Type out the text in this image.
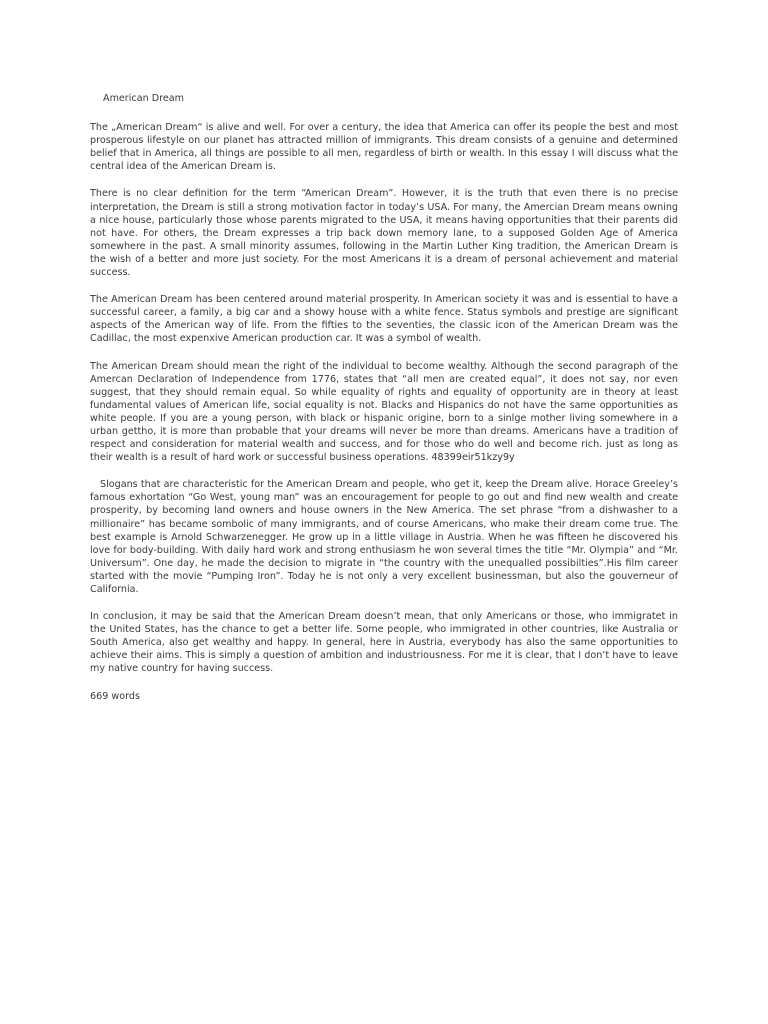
American Dream

The „American Dream“ is alive and well. For over a century, the idea that America can offer its people the best and most prosperous lifestyle on our planet has attracted million of immigrants. This dream consists of a genuine and determined belief that in America, all things are possible to all men, regardless of birth or wealth. In this essay I will discuss what the central idea of the American Dream is.

There is no clear definition for the term “American Dream”. However, it is the truth that even there is no precise interpretation, the Dream is still a strong motivation factor in today’s USA. For many, the Amercian Dream means owning a nice house, particularly those whose parents migrated to the USA, it means having opportunities that their parents did not have. For others, the Dream expresses a trip back down memory lane, to a supposed Golden Age of America somewhere in the past. A small minority assumes, following in the Martin Luther King tradition, the American Dream is the wish of a better and more just society. For the most Americans it is a dream of personal achievement and material success.

The American Dream has been centered around material prosperity. In American society it was and is essential to have a successful career, a family, a big car and a showy house with a white fence. Status symbols and prestige are significant aspects of the American way of life. From the fifties to the seventies, the classic icon of the American Dream was the Cadillac, the most expenxive American production car. It was a symbol of wealth.

The American Dream should mean the right of the individual to become wealthy. Although the second paragraph of the Amercan Declaration of Independence from 1776, states that “all men are created equal”, it does not say, nor even suggest, that they should remain equal. So while equality of rights and equality of opportunity are in theory at least fundamental values of American life, social equality is not. Blacks and Hispanics do not have the same opportunities as white people. If you are a young person, with black or hispanic origine, born to a sinlge mother living somewhere in a urban gettho, it is more than probable that your dreams will never be more than dreams. Americans have a tradition of respect and consideration for material wealth and success, and for those who do well and become rich. just as long as their wealth is a result of hard work or successful business operations. 48399eir51kzy9y

Slogans that are characteristic for the American Dream and people, who get it, keep the Dream alive. Horace Greeley’s famous exhortation “Go West, young man” was an encouragement for people to go out and find new wealth and create prosperity, by becoming land owners and house owners in the New America. The set phrase “from a dishwasher to a millionaire” has became sombolic of many immigrants, and of course Americans, who make their dream come true. The best example is Arnold Schwarzenegger. He grow up in a little village in Austria. When he was fifteen he discovered his love for body-building. With daily hard work and strong enthusiasm he won several times the title “Mr. Olympia” and “Mr. Universum”. One day, he made the decision to migrate in “the country with the unequalled possibilties”.His film career started with the movie “Pumping Iron”. Today he is not only a very excellent businessman, but also the gouverneur of California.

In conclusion, it may be said that the American Dream doesn’t mean, that only Americans or those, who immigratet in the United States, has the chance to get a better life. Some people, who immigrated in other countries, like Australia or South America, also get wealthy and happy. In general, here in Austria, everybody has also the same opportunities to achieve their aims. This is simply a question of ambition and industriousness. For me it is clear, that I don’t have to leave my native country for having success.

669 words
